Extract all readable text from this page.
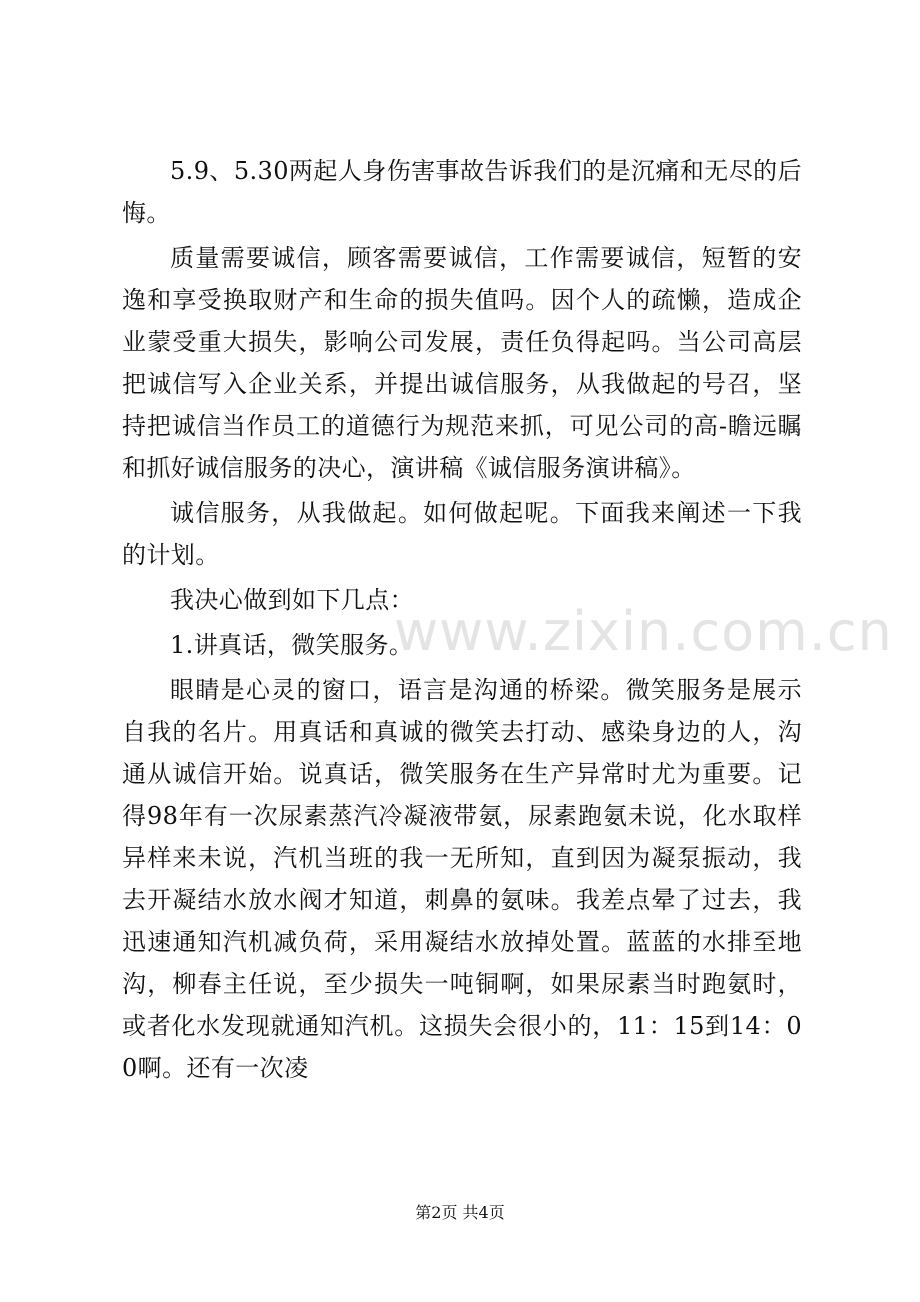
5.9、5.30两起人身伤害事故告诉我们的是沉痛和无尽的后悔。

质量需要诚信，顾客需要诚信，工作需要诚信，短暂的安逸和享受换取财产和生命的损失值吗。因个人的疏懒，造成企业蒙受重大损失，影响公司发展，责任负得起吗。当公司高层把诚信写入企业关系，并提出诚信服务，从我做起的号召，坚持把诚信当作员工的道德行为规范来抓，可见公司的高-瞻远瞩和抓好诚信服务的决心，演讲稿《诚信服务演讲稿》。

诚信服务，从我做起。如何做起呢。下面我来阐述一下我的计划。

我决心做到如下几点：

1.讲真话，微笑服务。

眼睛是心灵的窗口，语言是沟通的桥梁。微笑服务是展示自我的名片。用真话和真诚的微笑去打动、感染身边的人，沟通从诚信开始。说真话，微笑服务在生产异常时尤为重要。记得98年有一次尿素蒸汽冷凝液带氨，尿素跑氨未说，化水取样异样来未说，汽机当班的我一无所知，直到因为凝泵振动，我去开凝结水放水阀才知道，刺鼻的氨味。我差点晕了过去，我迅速通知汽机减负荷，采用凝结水放掉处置。蓝蓝的水排至地沟，柳春主任说，至少损失一吨铜啊，如果尿素当时跑氨时，或者化水发现就通知汽机。这损失会很小的，11：15到14：00啊。还有一次凌

www.zixin.com.cn
第2页 共4页
